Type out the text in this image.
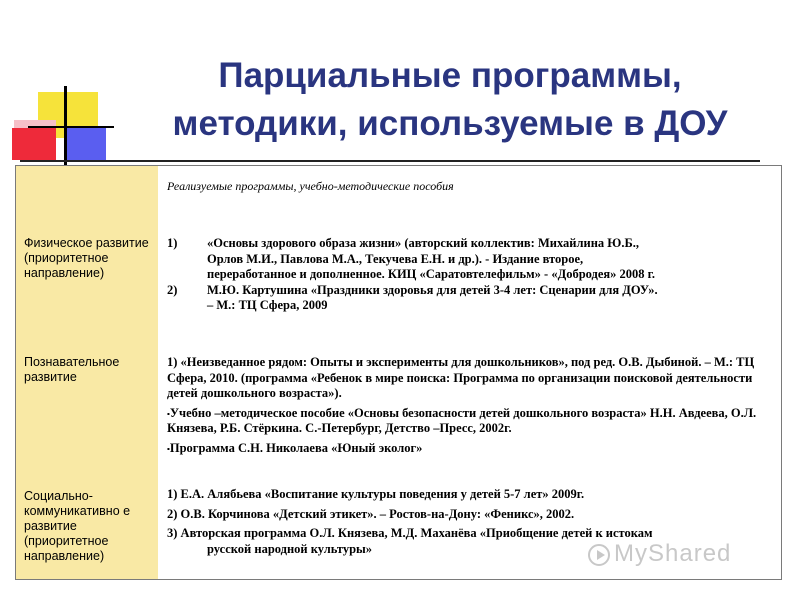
Парциальные программы,
методики, используемые в ДОУ
Физическое развитие (приоритетное направление)
Познавательное развитие
Социально-коммуникативно е развитие (приоритетное направление)
Реализуемые программы, учебно-методические пособия
1) «Основы здорового образа жизни» (авторский коллектив: Михайлина Ю.Б.,
Орлов М.И., Павлова М.А., Текучева Е.Н. и др.). - Издание второе,
переработанное и дополненное. КИЦ «Саратовтелефильм» - «Добродея» 2008 г.
2) М.Ю. Картушина «Праздники здоровья для детей 3-4 лет: Сценарии для ДОУ».
– М.: ТЦ Сфера, 2009

1) «Неизведанное рядом: Опыты и эксперименты для дошкольников», под ред. О.В. Дыбиной. – М.: ТЦ Сфера, 2010. (программа «Ребенок в мире поиска: Программа по организации поисковой деятельности детей дошкольного возраста»).

▪Учебно –методическое пособие «Основы безопасности детей дошкольного возраста» Н.Н. Авдеева, О.Л. Князева, Р.Б. Стёркина. С.-Петербург, Детство –Пресс, 2002г.

▪Программа С.Н. Николаева «Юный эколог»

1) Е.А. Алябьева «Воспитание культуры поведения у детей 5-7 лет» 2009г.

2) О.В. Корчинова «Детский этикет». – Ростов-на-Дону: «Феникс», 2002.

3) Авторская программа О.Л. Князева, М.Д. Маханёва «Приобщение детей к истокам

русской народной культуры»	MyShared
